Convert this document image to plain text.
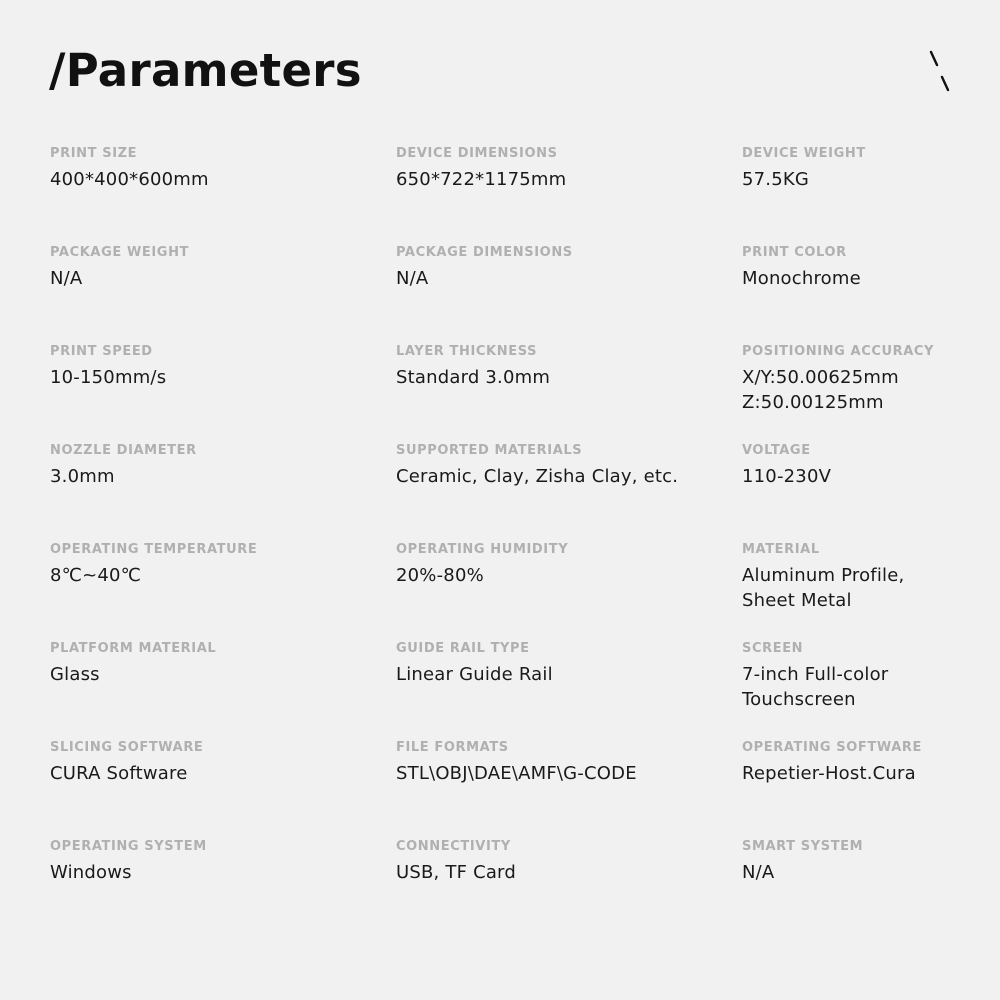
/Parameters
PRINT SIZE
400*400*600mm
DEVICE DIMENSIONS
650*722*1175mm
DEVICE WEIGHT
57.5KG
PACKAGE WEIGHT
N/A
PACKAGE DIMENSIONS
N/A
PRINT COLOR
Monochrome
PRINT SPEED
10-150mm/s
LAYER THICKNESS
Standard 3.0mm
POSITIONING ACCURACY
X/Y:50.00625mm
Z:50.00125mm
NOZZLE DIAMETER
3.0mm
SUPPORTED MATERIALS
Ceramic, Clay, Zisha Clay, etc.
VOLTAGE
110-230V
OPERATING TEMPERATURE
8℃~40℃
OPERATING HUMIDITY
20%-80%
MATERIAL
Aluminum Profile,
Sheet Metal
PLATFORM MATERIAL
Glass
GUIDE RAIL TYPE
Linear Guide Rail
SCREEN
7-inch Full-color
Touchscreen
SLICING SOFTWARE
CURA Software
FILE FORMATS
STL\OBJ\DAE\AMF\G-CODE
OPERATING SOFTWARE
Repetier-Host.Cura
OPERATING SYSTEM
Windows
CONNECTIVITY
USB, TF Card
SMART SYSTEM
N/A
